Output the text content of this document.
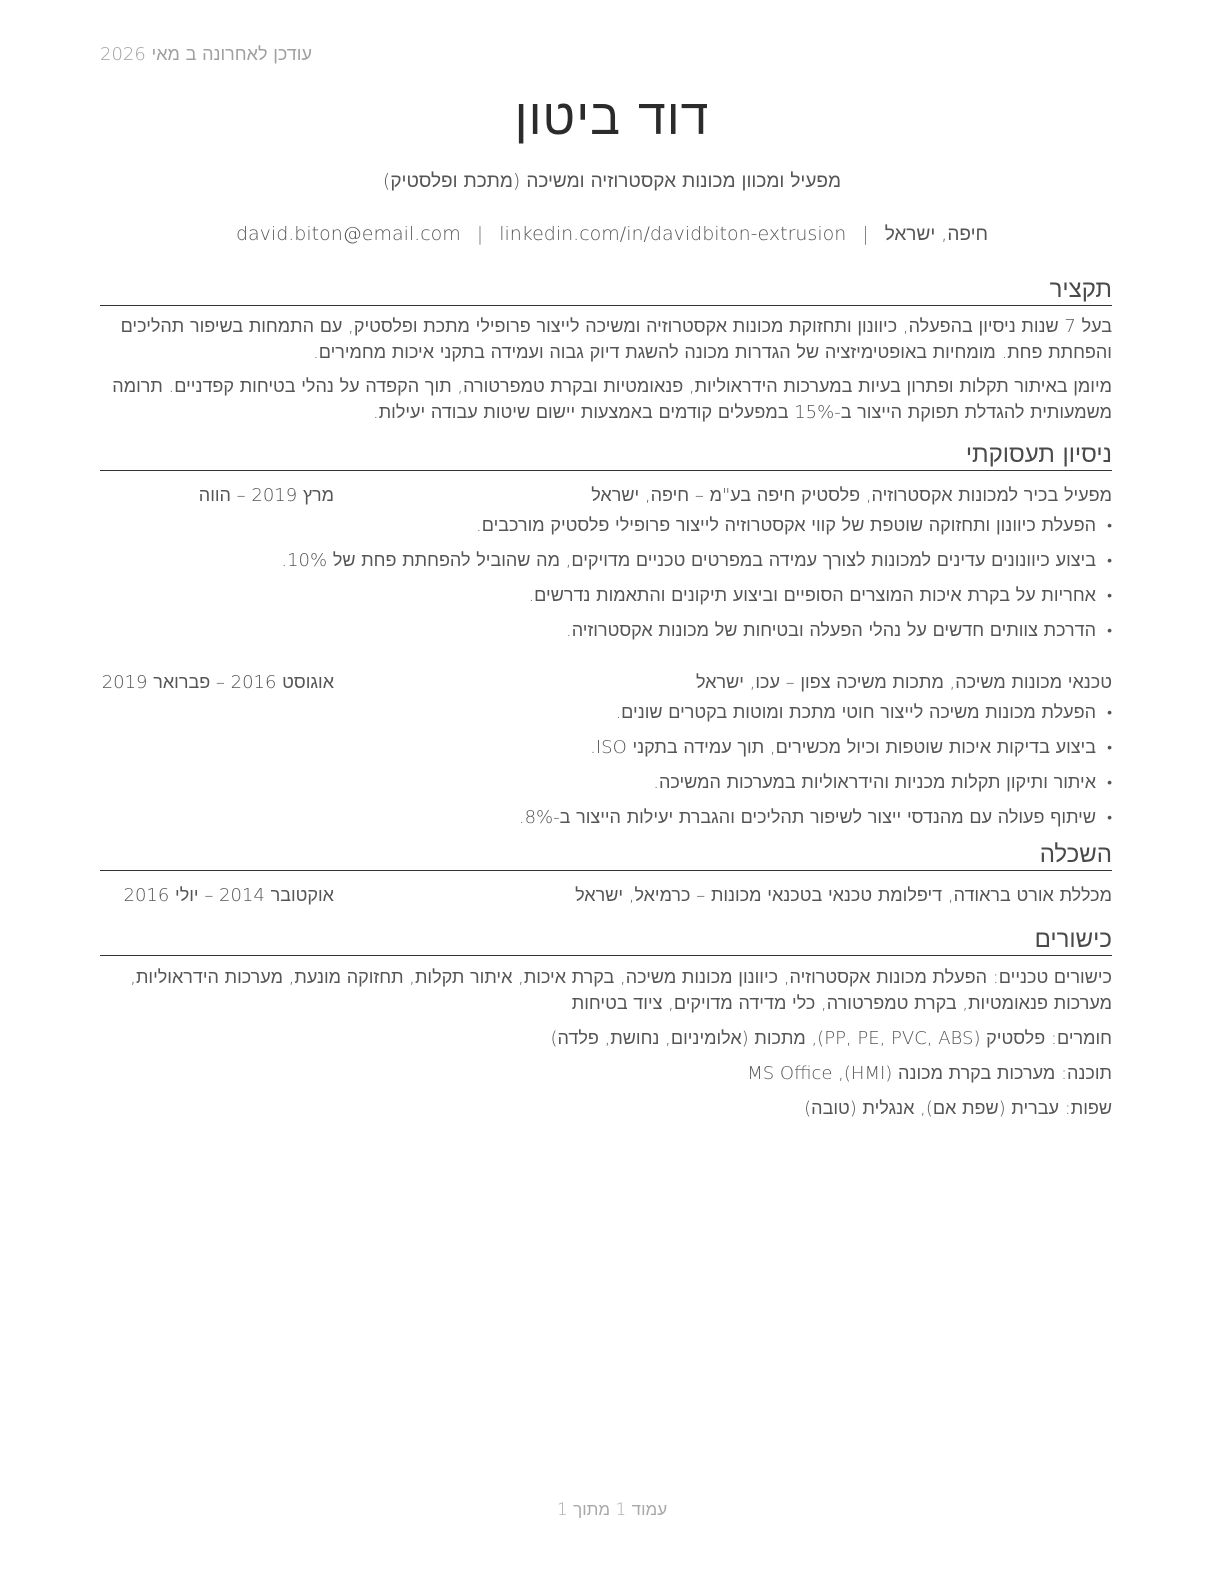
עודכן לאחרונה ב מאי 2026
דוד ביטון
מפעיל ומכוון מכונות אקסטרוזיה ומשיכה (מתכת ופלסטיק)
חיפה, ישראל|david.biton@email.com | linkedin.com/in/davidbiton-extrusion
תקציר

בעל 7 שנות ניסיון בהפעלה, כיוונון ותחזוקת מכונות אקסטרוזיה ומשיכה לייצור פרופילי מתכת ופלסטיק, עם התמחות בשיפור תהליכים והפחתת פחת. מומחיות באופטימיזציה של הגדרות מכונה להשגת דיוק גבוה ועמידה בתקני איכות מחמירים.

מיומן באיתור תקלות ופתרון בעיות במערכות הידראוליות, פנאומטיות ובקרת טמפרטורה, תוך הקפדה על נהלי בטיחות קפדניים. תרומה משמעותית להגדלת תפוקת הייצור ב-15% במפעלים קודמים באמצעות יישום שיטות עבודה יעילות.

ניסיון תעסוקתי
מפעיל בכיר למכונות אקסטרוזיה, פלסטיק חיפה בע"מ – חיפה, ישראל
מרץ 2019 – הווה
• הפעלת כיוונון ותחזוקה שוטפת של קווי אקסטרוזיה לייצור פרופילי פלסטיק מורכבים.
• ביצוע כיוונונים עדינים למכונות לצורך עמידה במפרטים טכניים מדויקים, מה שהוביל להפחתת פחת של 10%.
• אחריות על בקרת איכות המוצרים הסופיים וביצוע תיקונים והתאמות נדרשים.
• הדרכת צוותים חדשים על נהלי הפעלה ובטיחות של מכונות אקסטרוזיה.
טכנאי מכונות משיכה, מתכות משיכה צפון – עכו, ישראל
אוגוסט 2016 – פברואר 2019
• הפעלת מכונות משיכה לייצור חוטי מתכת ומוטות בקטרים שונים.
• ביצוע בדיקות איכות שוטפות וכיול מכשירים, תוך עמידה בתקני ISO.
• איתור ותיקון תקלות מכניות והידראוליות במערכות המשיכה.
• שיתוף פעולה עם מהנדסי ייצור לשיפור תהליכים והגברת יעילות הייצור ב-8%.
השכלה
מכללת אורט בראודה, דיפלומת טכנאי בטכנאי מכונות – כרמיאל, ישראל
אוקטובר 2014 – יולי 2016
כישורים

כישורים טכניים: הפעלת מכונות אקסטרוזיה, כיוונון מכונות משיכה, בקרת איכות, איתור תקלות, תחזוקה מונעת, מערכות הידראוליות, מערכות פנאומטיות, בקרת טמפרטורה, כלי מדידה מדויקים, ציוד בטיחות

חומרים: פלסטיק (PP, PE, PVC, ABS), מתכות (אלומיניום, נחושת, פלדה)

תוכנה: מערכות בקרת מכונה (HMI), MS Office

שפות: עברית (שפת אם), אנגלית (טובה)

עמוד 1 מתוך 1
